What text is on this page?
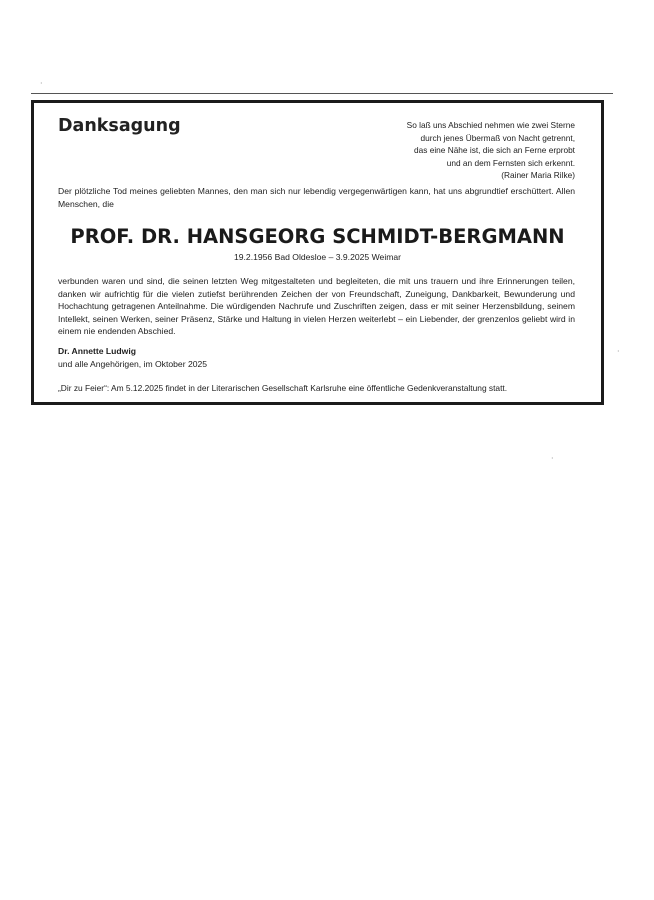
·
·
·
Danksagung	So laß uns Abschied nehmen wie zwei Sterne
durch jenes Übermaß von Nacht getrennt,
das eine Nähe ist, die sich an Ferne erprobt
und an dem Fernsten sich erkennt.
(Rainer Maria Rilke)
Der plötzliche Tod meines geliebten Mannes, den man sich nur lebendig vergegenwärtigen kann, hat uns abgrundtief erschüttert. Allen Menschen, die
PROF. DR. HANSGEORG SCHMIDT-BERGMANN
19.2.1956 Bad Oldesloe – 3.9.2025 Weimar
verbunden waren und sind, die seinen letzten Weg mitgestalteten und begleiteten, die mit uns trauern und ihre Erinnerungen teilen, danken wir aufrichtig für die vielen zutiefst berührenden Zeichen der von Freundschaft, Zuneigung, Dankbarkeit, Bewunderung und Hochachtung getragenen Anteilnahme. Die würdigenden Nachrufe und Zuschriften zeigen, dass er mit seiner Herzensbildung, seinem Intellekt, seinen Werken, seiner Präsenz, Stärke und Haltung in vielen Herzen weiterlebt – ein Liebender, der grenzenlos geliebt wird in einem nie endenden Abschied.
Dr. Annette Ludwig
und alle Angehörigen, im Oktober 2025
„Dir zu Feier“: Am 5.12.2025 findet in der Literarischen Gesellschaft Karlsruhe eine öffentliche Gedenkveranstaltung statt.
